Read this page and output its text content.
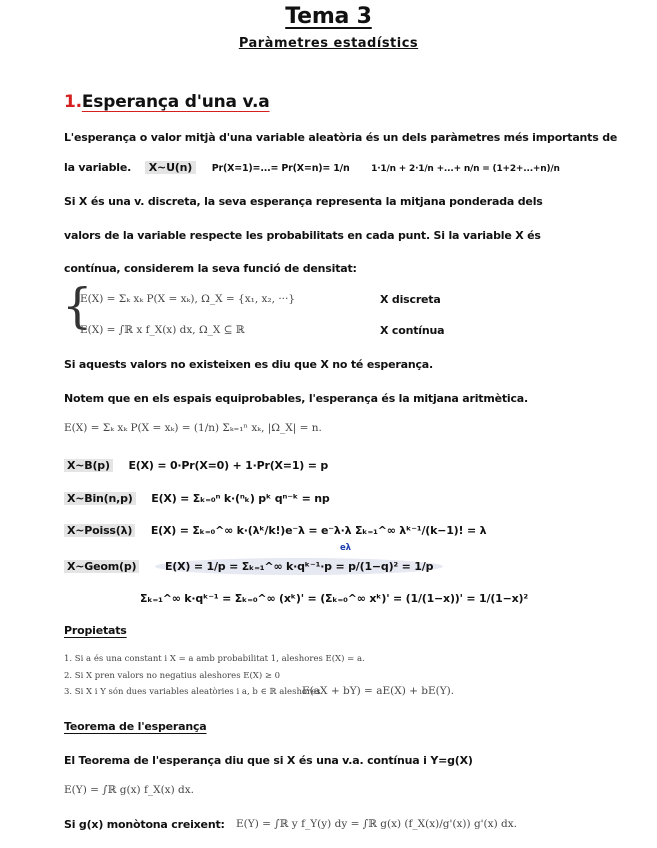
Tema 3
Paràmetres estadístics
1.Esperança d'una v.a
L'esperança o valor mitjà d'una variable aleatòria és un dels paràmetres més importants de
la variable. X~U(n) Pr(X=1)=...= Pr(X=n)= 1/n 1·1/n + 2·1/n +...+ n/n = (1+2+...+n)/n
Si X és una v. discreta, la seva esperança representa la mitjana ponderada dels
valors de la variable respecte les probabilitats en cada punt. Si la variable X és
contínua, considerem la seva funció de densitat:
{
E(X) = Σₖ xₖ P(X = xₖ), Ω_X = {x₁, x₂, ···}	X discreta
E(X) = ∫ℝ x f_X(x) dx, Ω_X ⊆ ℝ	X contínua
Si aquests valors no existeixen es diu que X no té esperança.
Notem que en els espais equiprobables, l'esperança és la mitjana aritmètica.
E(X) = Σₖ xₖ P(X = xₖ) = (1/n) Σₖ₌₁ⁿ xₖ, |Ω_X| = n.
X~B(p) E(X) = 0·Pr(X=0) + 1·Pr(X=1) = p
X~Bin(n,p) E(X) = Σₖ₌₀ⁿ k·(ⁿₖ) pᵏ qⁿ⁻ᵏ = np
X~Poiss(λ) E(X) = Σₖ₌₀^∞ k·(λᵏ/k!)e⁻λ = e⁻λ·λ Σₖ₌₁^∞ λᵏ⁻¹/(k−1)! = λ
eλ
X~Geom(p)	E(X) = 1/p = Σₖ₌₁^∞ k·qᵏ⁻¹·p = p/(1−q)² = 1/p
Σₖ₌₁^∞ k·qᵏ⁻¹ = Σₖ₌₀^∞ (xᵏ)' = (Σₖ₌₀^∞ xᵏ)' = (1/(1−x))' = 1/(1−x)²
Propietats
1. Si a és una constant i X = a amb probabilitat 1, aleshores E(X) = a.
2. Si X pren valors no negatius aleshores E(X) ≥ 0
3. Si X i Y són dues variables aleatòries i a, b ∈ ℝ aleshores
E(aX + bY) = aE(X) + bE(Y).
Teorema de l'esperança
El Teorema de l'esperança diu que si X és una v.a. contínua i Y=g(X)
E(Y) = ∫ℝ g(x) f_X(x) dx.
Si g(x) monòtona creixent: E(Y) = ∫ℝ y f_Y(y) dy = ∫ℝ g(x) (f_X(x)/g'(x)) g'(x) dx.
